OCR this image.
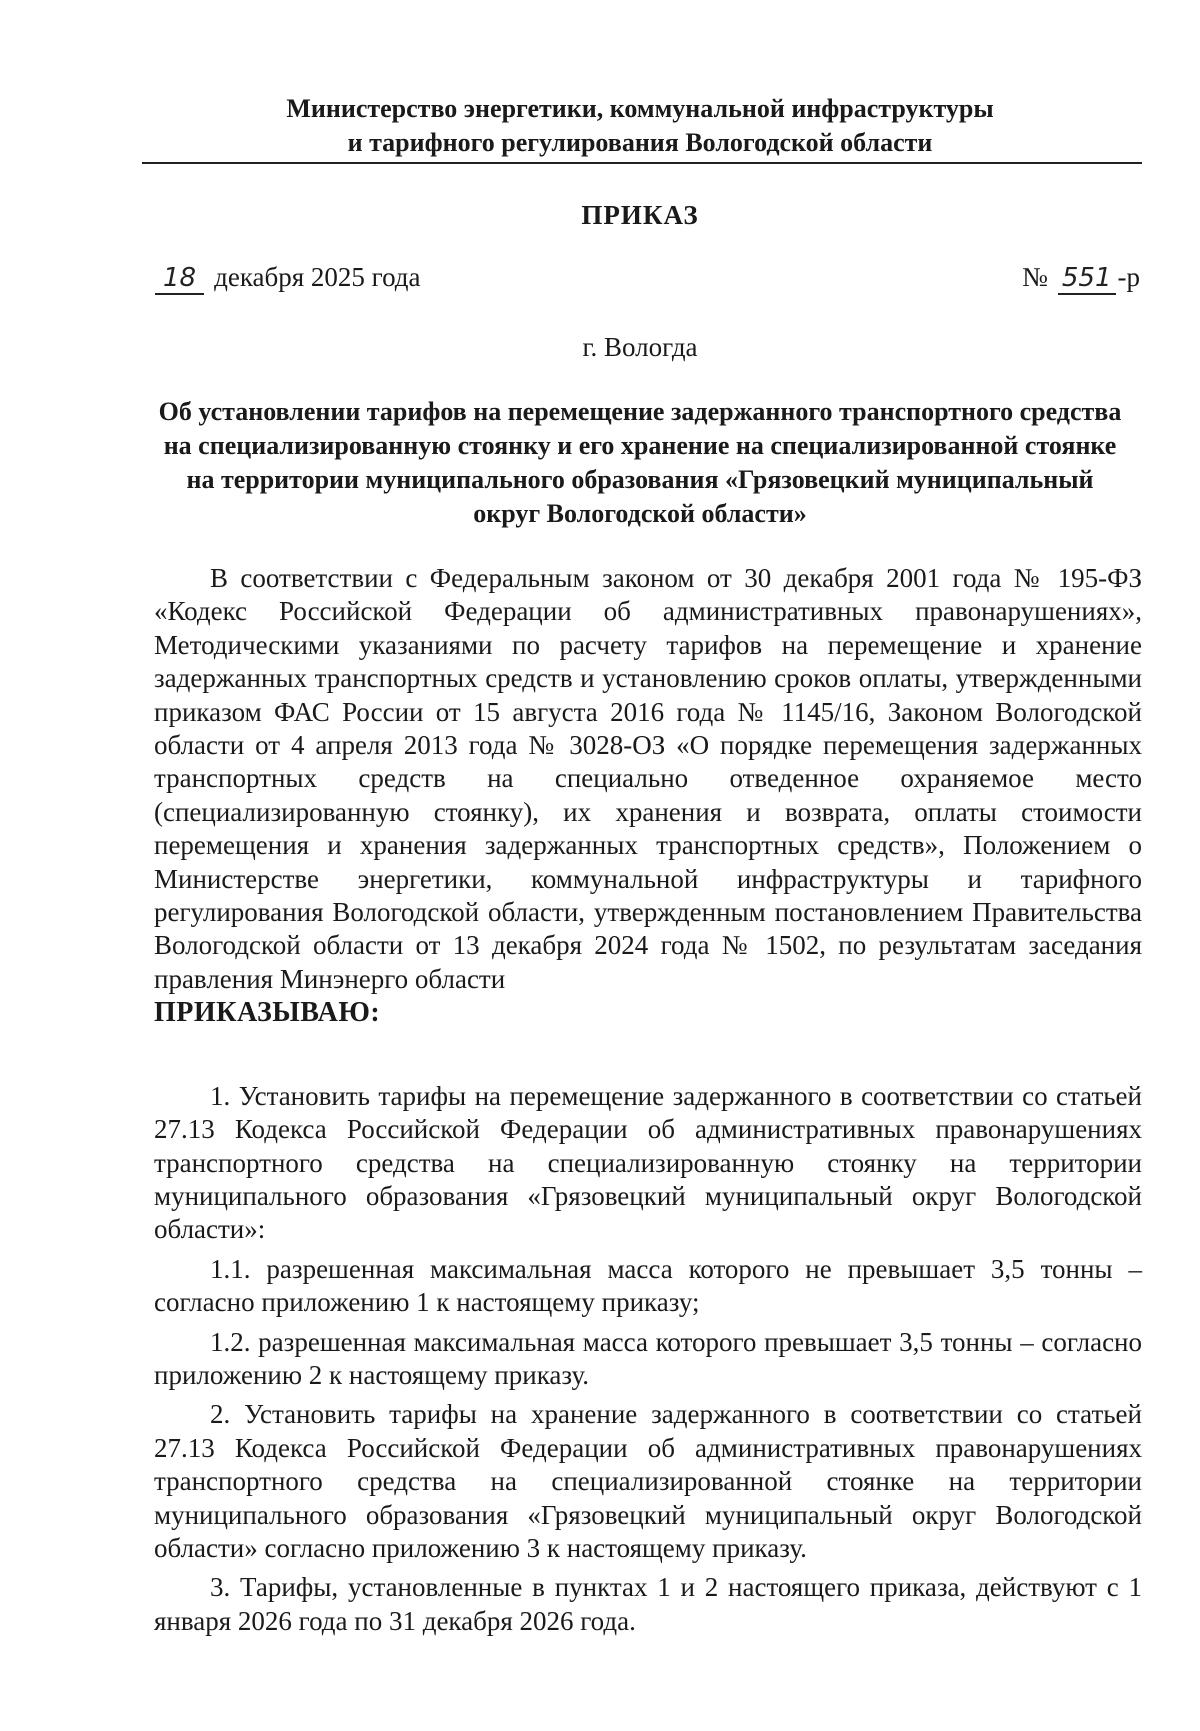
Министерство энергетики, коммунальной инфраструктуры
и тарифного регулирования Вологодской области
ПРИКАЗ
18 декабря 2025 года	№ 551 -р
г. Вологда
Об установлении тарифов на перемещение задержанного транспортного средства на специализированную стоянку и его хранение на специализированной стоянке на территории муниципального образования «Грязовецкий муниципальный округ Вологодской области»

В соответствии с Федеральным законом от 30 декабря 2001 года № 195-ФЗ «Кодекс Российской Федерации об административных правонарушениях», Методическими указаниями по расчету тарифов на перемещение и хранение задержанных транспортных средств и установлению сроков оплаты, утвержденными приказом ФАС России от 15 августа 2016 года № 1145/16, Законом Вологодской области от 4 апреля 2013 года № 3028-ОЗ «О порядке перемещения задержанных транспортных средств на специально отведенное охраняемое место (специализированную стоянку), их хранения и возврата, оплаты стоимости перемещения и хранения задержанных транспортных средств», Положением о Министерстве энергетики, коммунальной инфраструктуры и тарифного регулирования Вологодской области, утвержденным постановлением Правительства Вологодской области от 13 декабря 2024 года № 1502, по результатам заседания правления Минэнерго области

ПРИКАЗЫВАЮ:

1. Установить тарифы на перемещение задержанного в соответствии со статьей 27.13 Кодекса Российской Федерации об административных правонарушениях транспортного средства на специализированную стоянку на территории муниципального образования «Грязовецкий муниципальный округ Вологодской области»:

1.1. разрешенная максимальная масса которого не превышает 3,5 тонны – согласно приложению 1 к настоящему приказу;

1.2. разрешенная максимальная масса которого превышает 3,5 тонны – согласно приложению 2 к настоящему приказу.

2. Установить тарифы на хранение задержанного в соответствии со статьей 27.13 Кодекса Российской Федерации об административных правонарушениях транспортного средства на специализированной стоянке на территории муниципального образования «Грязовецкий муниципальный округ Вологодской области» согласно приложению 3 к настоящему приказу.

3. Тарифы, установленные в пунктах 1 и 2 настоящего приказа, действуют с 1 января 2026 года по 31 декабря 2026 года.
